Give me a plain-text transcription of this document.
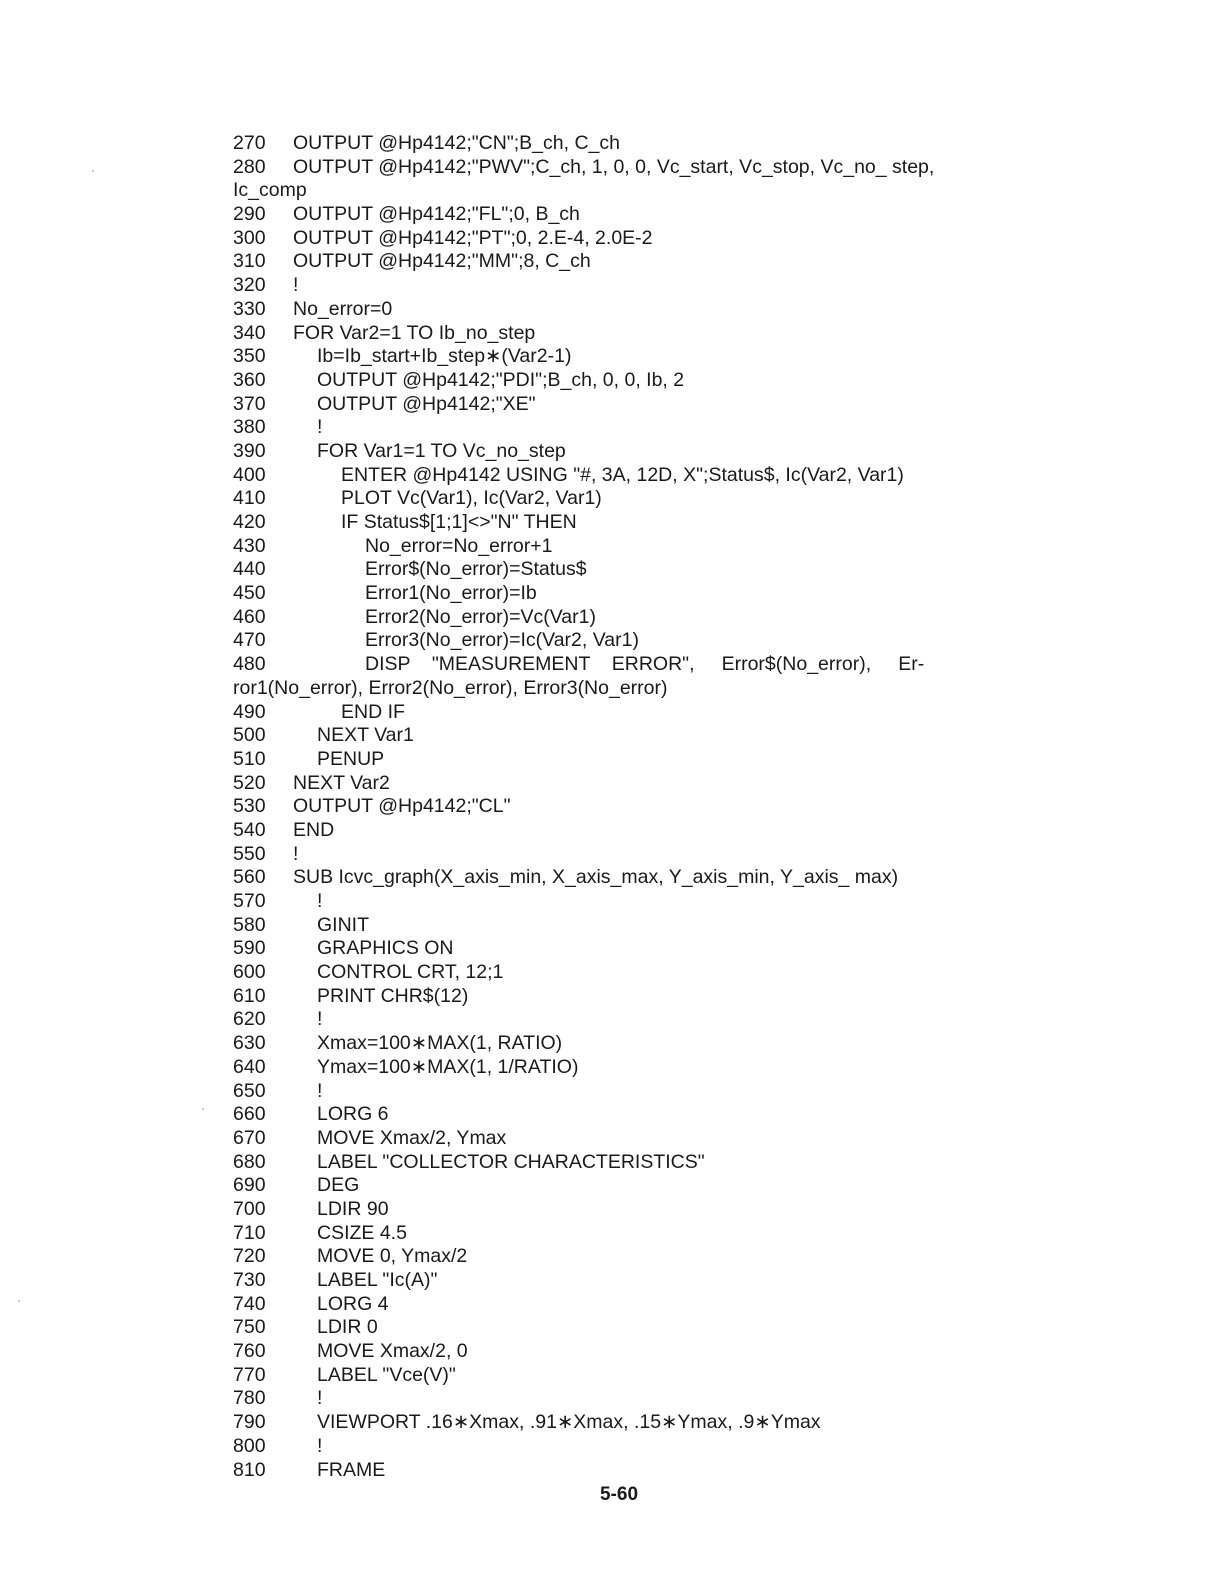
270 OUTPUT @Hp4142;"CN";B_ch, C_ch
280 OUTPUT @Hp4142;"PWV";C_ch, 1, 0, 0, Vc_start, Vc_stop, Vc_no_ step,
Ic_comp
290 OUTPUT @Hp4142;"FL";0, B_ch
300 OUTPUT @Hp4142;"PT";0, 2.E-4, 2.0E-2
310 OUTPUT @Hp4142;"MM";8, C_ch
320 !
330 No_error=0
340 FOR Var2=1 TO Ib_no_step
350	Ib=Ib_start+Ib_step∗(Var2-1)
360	OUTPUT @Hp4142;"PDI";B_ch, 0, 0, Ib, 2
370	OUTPUT @Hp4142;"XE"
380	!
390	FOR Var1=1 TO Vc_no_step
400	ENTER @Hp4142 USING "#, 3A, 12D, X";Status$, Ic(Var2, Var1)
410	PLOT Vc(Var1), Ic(Var2, Var1)
420	IF Status$[1;1]<>"N" THEN
430	No_error=No_error+1
440	Error$(No_error)=Status$
450	Error1(No_error)=Ib
460	Error2(No_error)=Vc(Var1)
470	Error3(No_error)=Ic(Var2, Var1)
480	DISP    "MEASUREMENT    ERROR",     Error$(No_error),     Er-
ror1(No_error), Error2(No_error), Error3(No_error)
490	END IF
500	NEXT Var1
510	PENUP
520 NEXT Var2
530 OUTPUT @Hp4142;"CL"
540 END
550 !
560 SUB Icvc_graph(X_axis_min, X_axis_max, Y_axis_min, Y_axis_ max)
570	!
580	GINIT
590	GRAPHICS ON
600	CONTROL CRT, 12;1
610	PRINT CHR$(12)
620	!
630	Xmax=100∗MAX(1, RATIO)
640	Ymax=100∗MAX(1, 1/RATIO)
650	!
660	LORG 6
670	MOVE Xmax/2, Ymax
680	LABEL "COLLECTOR CHARACTERISTICS"
690	DEG
700	LDIR 90
710	CSIZE 4.5
720	MOVE 0, Ymax/2
730	LABEL "Ic(A)"
740	LORG 4
750	LDIR 0
760	MOVE Xmax/2, 0
770	LABEL "Vce(V)"
780	!
790	VIEWPORT .16∗Xmax, .91∗Xmax, .15∗Ymax, .9∗Ymax
800	!
810	FRAME
5-60
